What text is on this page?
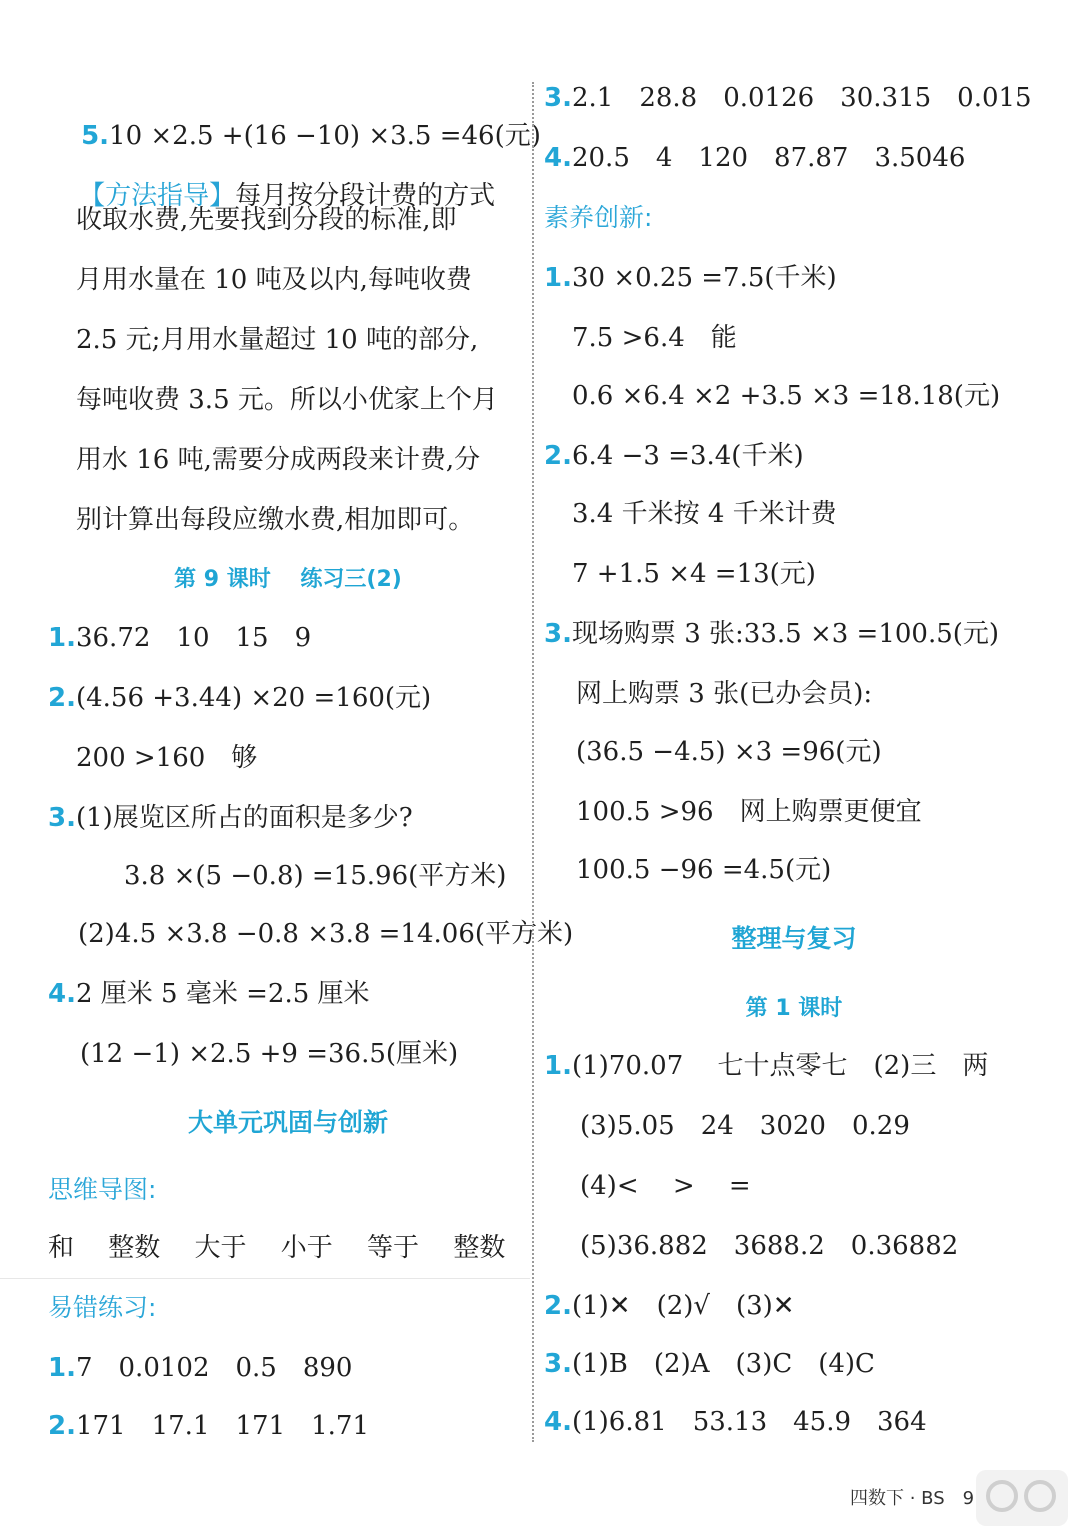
5.10 ×2.5 +(16 −10) ×3.5 =46(元)

【方法指导】每月按分段计费的方式

收取水费,先要找到分段的标准,即
月用水量在 10 吨及以内,每吨收费
2.5 元;月用水量超过 10 吨的部分,
每吨收费 3.5 元。所以小优家上个月
用水 16 吨,需要分成两段来计费,分
别计算出每段应缴水费,相加即可。
第 9 课时　 练习三(2)
1.36.72　10　15　9
2.(4.56 +3.44) ×20 =160(元)
200 >160　够
3.(1)展览区所占的面积是多少?
3.8 ×(5 −0.8) =15.96(平方米)
(2)4.5 ×3.8 −0.8 ×3.8 =14.06(平方米)
4.2 厘米 5 毫米 =2.5 厘米
(12 −1) ×2.5 +9 =36.5(厘米)
大单元巩固与创新
思维导图:
和　 整数　 大于　 小于　 等于　 整数
易错练习:
1.7　0.0102　0.5　890
2.171　17.1　171　1.71
3.2.1　28.8　0.0126　30.315　0.015
4.20.5　4　120　87.87　3.5046
素养创新:
1.30 ×0.25 =7.5(千米)
7.5 >6.4　能
0.6 ×6.4 ×2 +3.5 ×3 =18.18(元)
2.6.4 −3 =3.4(千米)
3.4 千米按 4 千米计费
7 +1.5 ×4 =13(元)
3.现场购票 3 张:33.5 ×3 =100.5(元)
网上购票 3 张(已办会员):
(36.5 −4.5) ×3 =96(元)
100.5 >96　网上购票更便宜
100.5 −96 =4.5(元)
整理与复习
第 1 课时
1.(1)70.07　 七十点零七　(2)三　两
(3)5.05　24　3020　0.29
(4)<　 >　 =
(5)36.882　3688.2　0.36882
2.(1)✕　(2)√　(3)✕
3.(1)B　(2)A　(3)C　(4)C
4.(1)6.81　53.13　45.9　364
四数下 · BS　9
